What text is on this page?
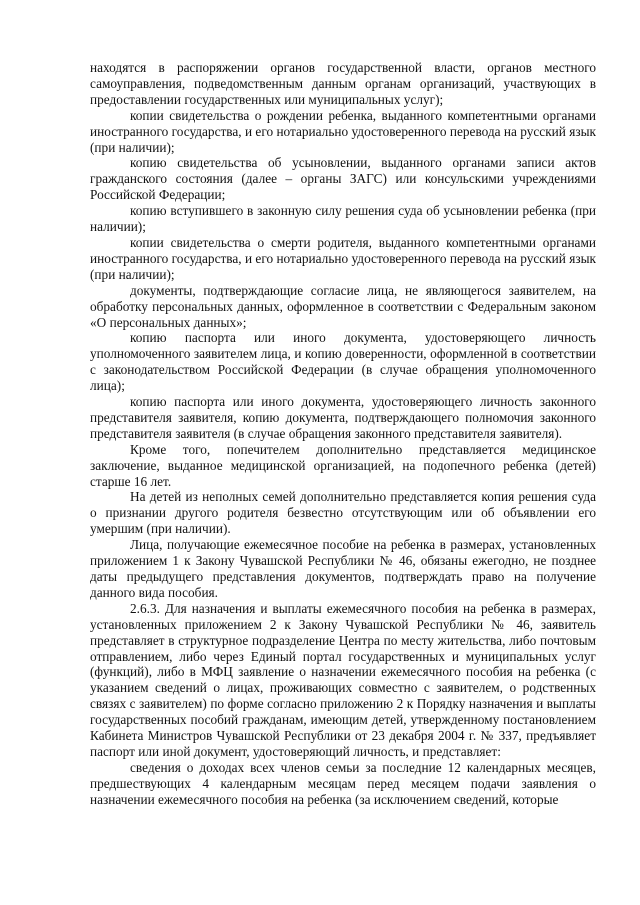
находятся в распоряжении органов государственной власти, органов местного самоуправления, подведомственным данным органам организаций, участвующих в предоставлении государственных или муниципальных услуг);

копии свидетельства о рождении ребенка, выданного компетентными органами иностранного государства, и его нотариально удостоверенного перевода на русский язык (при наличии);

копию свидетельства об усыновлении, выданного органами записи актов гражданского состояния (далее – органы ЗАГС) или консульскими учреждениями Российской Федерации;

копию вступившего в законную силу решения суда об усыновлении ребенка (при наличии);

копии свидетельства о смерти родителя, выданного компетентными органами иностранного государства, и его нотариально удостоверенного перевода на русский язык (при наличии);

документы, подтверждающие согласие лица, не являющегося заявителем, на обработку персональных данных, оформленное в соответствии с Федеральным законом «О персональных данных»;

копию паспорта или иного документа, удостоверяющего личность уполномоченного заявителем лица, и копию доверенности, оформленной в соответствии с законодательством Российской Федерации (в случае обращения уполномоченного лица);

копию паспорта или иного документа, удостоверяющего личность законного представителя заявителя, копию документа, подтверждающего полномочия законного представителя заявителя (в случае обращения законного представителя заявителя).

Кроме того, попечителем дополнительно представляется медицинское заключение, выданное медицинской организацией, на подопечного ребенка (детей) старше 16 лет.

На детей из неполных семей дополнительно представляется копия решения суда о признании другого родителя безвестно отсутствующим или об объявлении его умершим (при наличии).

Лица, получающие ежемесячное пособие на ребенка в размерах, установленных приложением 1 к Закону Чувашской Республики № 46, обязаны ежегодно, не позднее даты предыдущего представления документов, подтверждать право на получение данного вида пособия.

2.6.3. Для назначения и выплаты ежемесячного пособия на ребенка в размерах, установленных приложением 2 к Закону Чувашской Республики № 46, заявитель представляет в структурное подразделение Центра по месту жительства, либо почтовым отправлением, либо через Единый портал государственных и муниципальных услуг (функций), либо в МФЦ заявление о назначении ежемесячного пособия на ребенка (с указанием сведений о лицах, проживающих совместно с заявителем, о родственных связях с заявителем) по форме согласно приложению 2 к Порядку назначения и выплаты государственных пособий гражданам, имеющим детей, утвержденному постановлением Кабинета Министров Чувашской Республики от 23 декабря 2004 г. № 337, предъявляет паспорт или иной документ, удостоверяющий личность, и представляет:

сведения о доходах всех членов семьи за последние 12 календарных месяцев, предшествующих 4 календарным месяцам перед месяцем подачи заявления о назначении ежемесячного пособия на ребенка (за исключением сведений, которые
